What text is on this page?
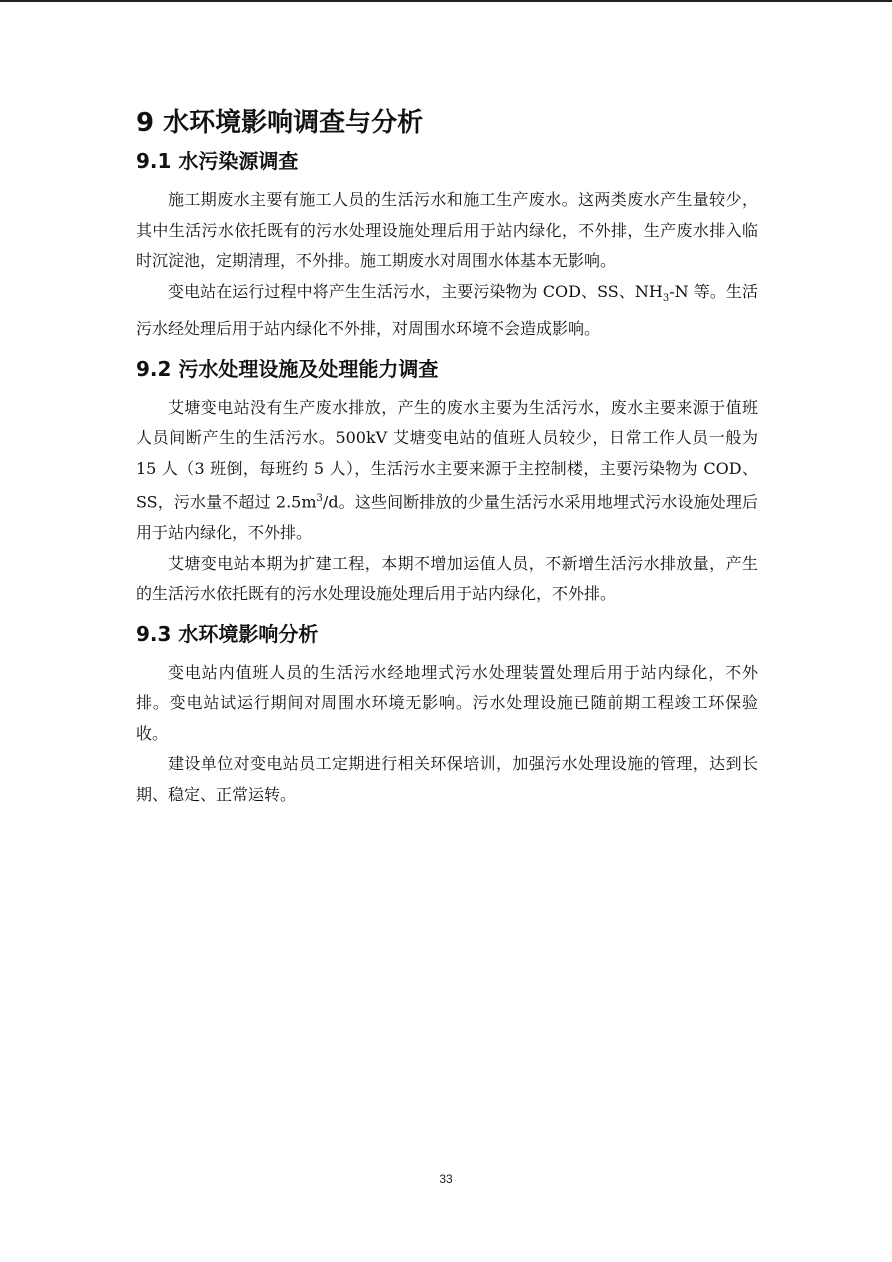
9 水环境影响调查与分析
9.1 水污染源调查

施工期废水主要有施工人员的生活污水和施工生产废水。这两类废水产生量较少，其中生活污水依托既有的污水处理设施处理后用于站内绿化，不外排，生产废水排入临时沉淀池，定期清理，不外排。施工期废水对周围水体基本无影响。

变电站在运行过程中将产生生活污水，主要污染物为 COD、SS、$NH_3-N$ 等。生活污水经处理后用于站内绿化不外排，对周围水环境不会造成影响。

9.2 污水处理设施及处理能力调查

艾塘变电站没有生产废水排放，产生的废水主要为生活污水，废水主要来源于值班人员间断产生的生活污水。500kV 艾塘变电站的值班人员较少，日常工作人员一般为 15 人（3 班倒，每班约 5 人），生活污水主要来源于主控制楼，主要污染物为 COD、SS，污水量不超过 $2.5m^3/d$。这些间断排放的少量生活污水采用地埋式污水设施处理后用于站内绿化，不外排。

艾塘变电站本期为扩建工程，本期不增加运值人员，不新增生活污水排放量，产生的生活污水依托既有的污水处理设施处理后用于站内绿化，不外排。

9.3 水环境影响分析

变电站内值班人员的生活污水经地埋式污水处理装置处理后用于站内绿化，不外排。变电站试运行期间对周围水环境无影响。污水处理设施已随前期工程竣工环保验收。

建设单位对变电站员工定期进行相关环保培训，加强污水处理设施的管理，达到长期、稳定、正常运转。

33
